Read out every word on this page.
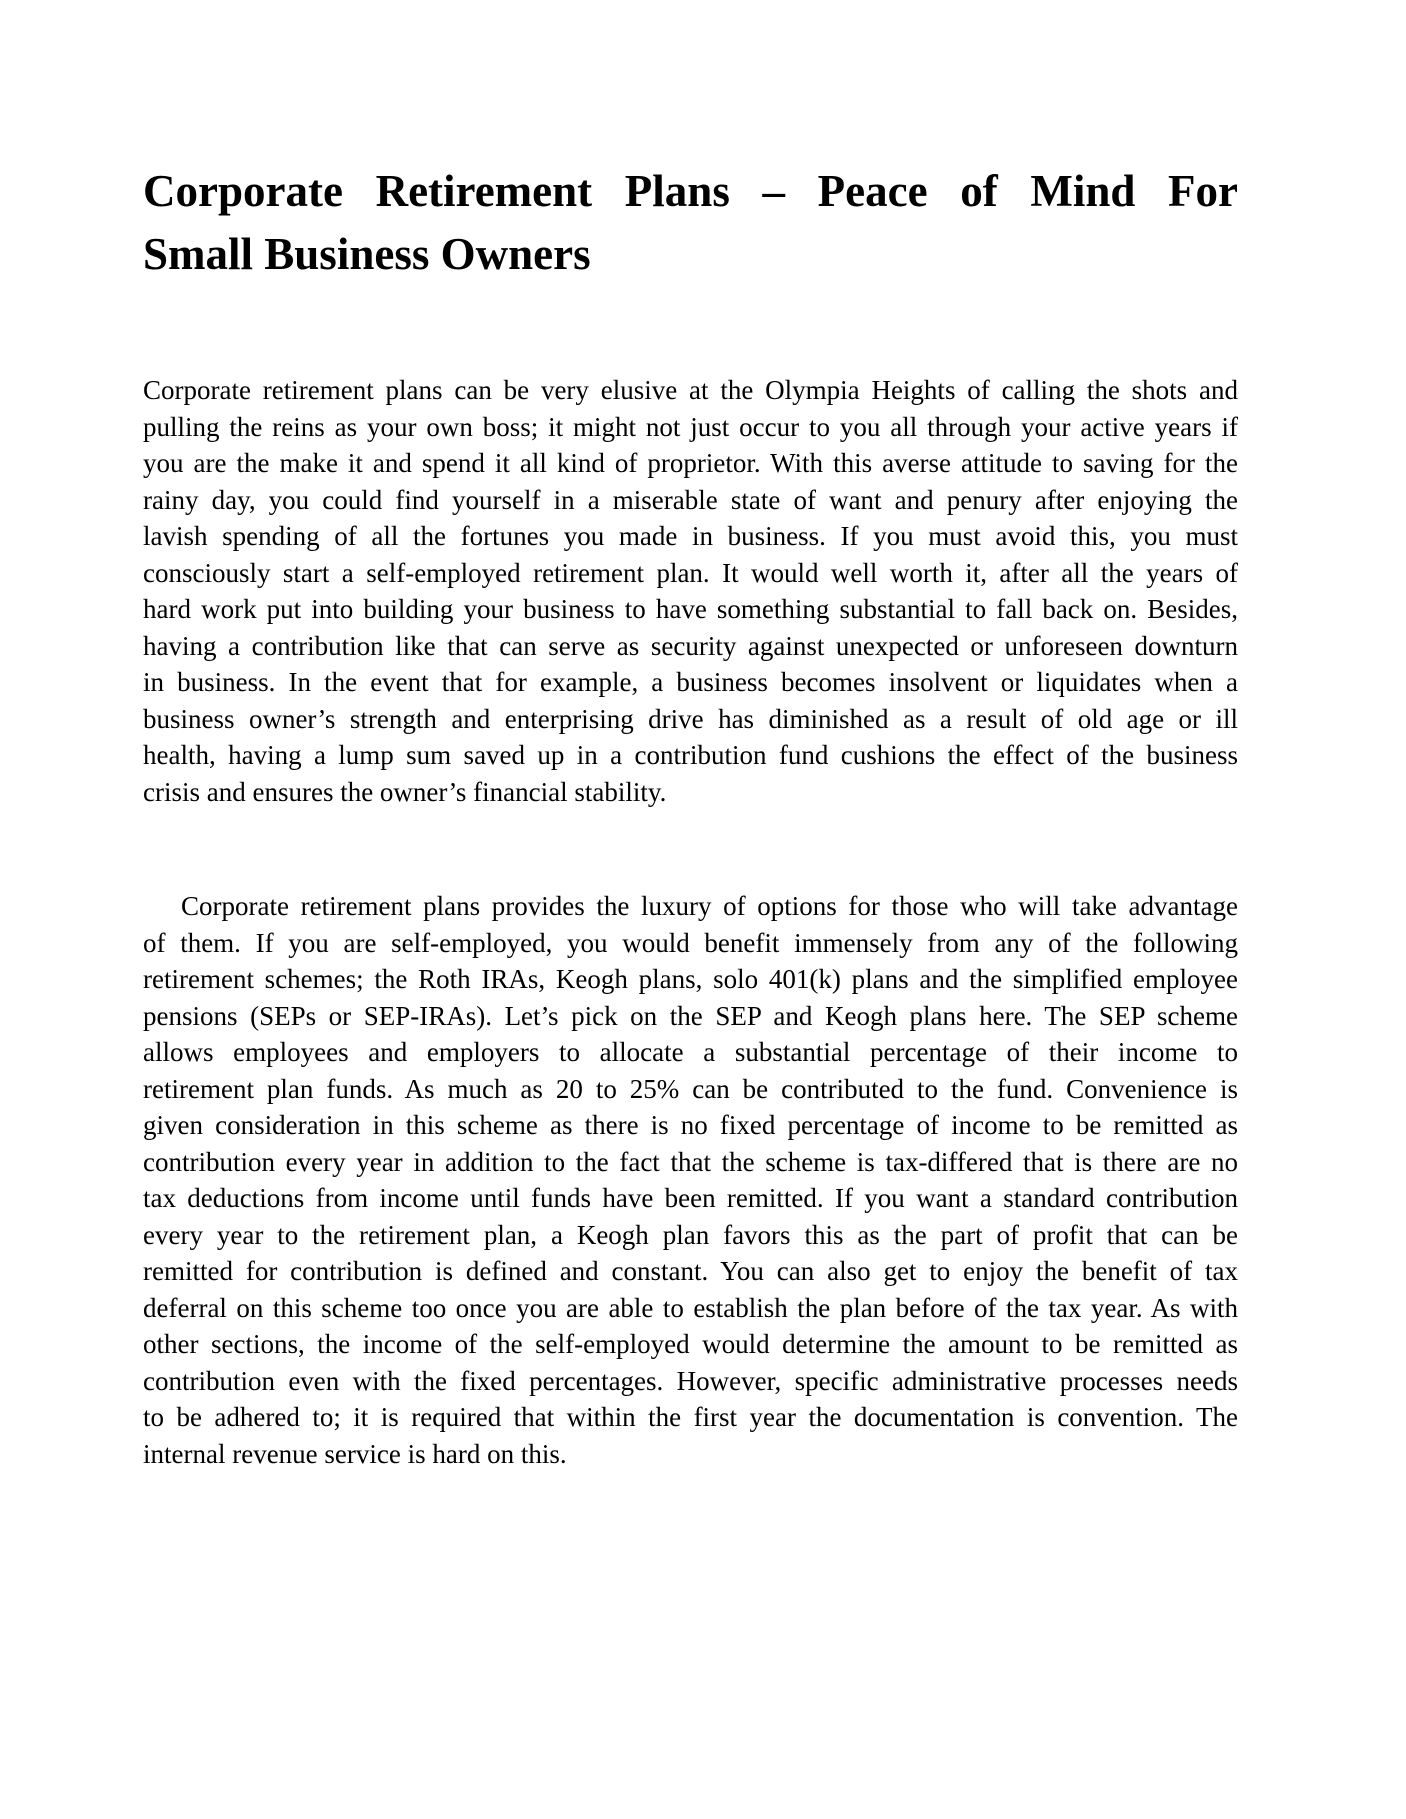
Corporate Retirement Plans – Peace of Mind For
Small Business Owners
Corporate retirement plans can be very elusive at the Olympia Heights of calling the shots and
pulling the reins as your own boss; it might not just occur to you all through your active years if
you are the make it and spend it all kind of proprietor. With this averse attitude to saving for the
rainy day, you could find yourself in a miserable state of want and penury after enjoying the
lavish spending of all the fortunes you made in business. If you must avoid this, you must
consciously start a self-employed retirement plan. It would well worth it, after all the years of
hard work put into building your business to have something substantial to fall back on. Besides,
having a contribution like that can serve as security against unexpected or unforeseen downturn
in business. In the event that for example, a business becomes insolvent or liquidates when a
business owner’s strength and enterprising drive has diminished as a result of old age or ill
health, having a lump sum saved up in a contribution fund cushions the effect of the business
crisis and ensures the owner’s financial stability.
Corporate retirement plans provides the luxury of options for those who will take advantage
of them. If you are self-employed, you would benefit immensely from any of the following
retirement schemes; the Roth IRAs, Keogh plans, solo 401(k) plans and the simplified employee
pensions (SEPs or SEP-IRAs). Let’s pick on the SEP and Keogh plans here. The SEP scheme
allows employees and employers to allocate a substantial percentage of their income to
retirement plan funds. As much as 20 to 25% can be contributed to the fund. Convenience is
given consideration in this scheme as there is no fixed percentage of income to be remitted as
contribution every year in addition to the fact that the scheme is tax-differed that is there are no
tax deductions from income until funds have been remitted. If you want a standard contribution
every year to the retirement plan, a Keogh plan favors this as the part of profit that can be
remitted for contribution is defined and constant. You can also get to enjoy the benefit of tax
deferral on this scheme too once you are able to establish the plan before of the tax year. As with
other sections, the income of the self-employed would determine the amount to be remitted as
contribution even with the fixed percentages. However, specific administrative processes needs
to be adhered to; it is required that within the first year the documentation is convention. The
internal revenue service is hard on this.
